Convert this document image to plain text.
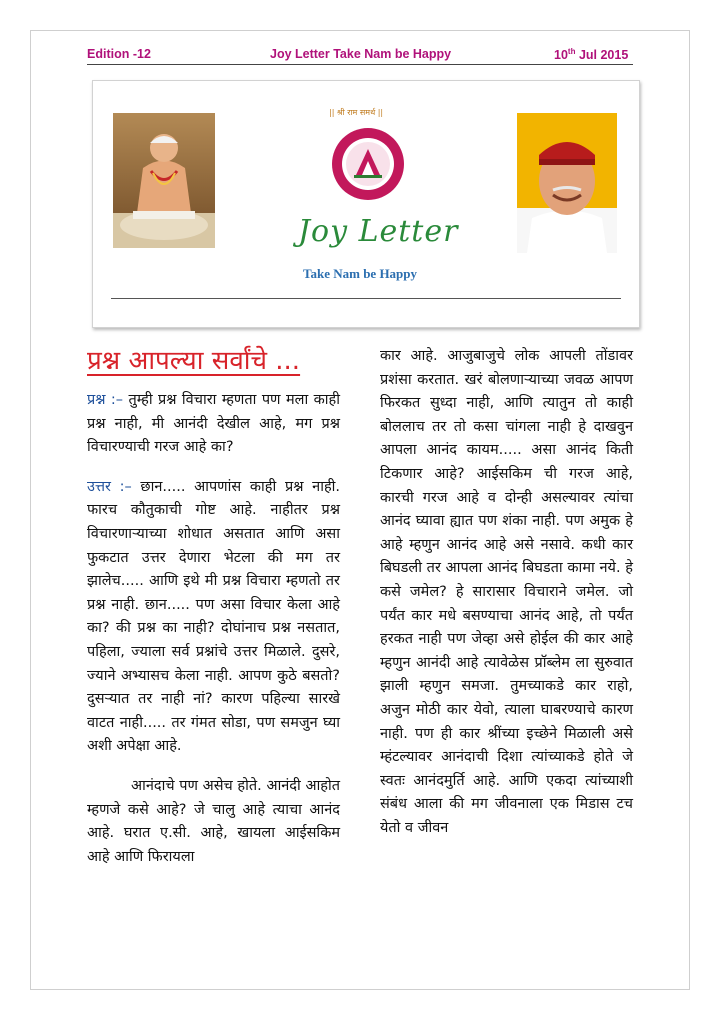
Edition -12	Joy Letter Take Nam be Happy	10th Jul 2015
|| श्री राम समर्थ ||
Joy Letter
Take Nam be Happy
प्रश्न आपल्या सर्वांचे ...

प्रश्न :– तुम्ही प्रश्न विचारा म्हणता पण मला काही प्रश्न नाही, मी आनंदी देखील आहे, मग प्रश्न विचारण्याची गरज आहे का?

उत्तर :– छान..... आपणांस काही प्रश्न नाही. फारच कौतुकाची गोष्ट आहे. नाहीतर प्रश्न विचारणाऱ्याच्या शोधात असतात आणि असा फुकटात उत्तर देणारा भेटला की मग तर झालेच..... आणि इथे मी प्रश्न विचारा म्हणतो तर प्रश्न नाही. छान..... पण असा विचार केला आहे का? की प्रश्न का नाही? दोघांनाच प्रश्न नसतात, पहिला, ज्याला सर्व प्रश्नांचे उत्तर मिळाले. दुसरे, ज्याने अभ्यासच केला नाही. आपण कुठे बसतो? दुसऱ्यात तर नाही नां? कारण पहिल्या सारखे वाटत नाही..... तर गंमत सोडा, पण समजुन घ्या अशी अपेक्षा आहे.

आनंदाचे पण असेच होते. आनंदी आहोत म्हणजे कसे आहे? जे चालु आहे त्याचा आनंद आहे. घरात ए.सी. आहे, खायला आईसकिम आहे आणि फिरायला

कार आहे. आजुबाजुचे लोक आपली तोंडावर प्रशंसा करतात. खरं बोलणाऱ्याच्या जवळ आपण फिरकत सुध्दा नाही, आणि त्यातुन तो काही बोललाच तर तो कसा चांगला नाही हे दाखवुन आपला आनंद कायम..... असा आनंद किती टिकणार आहे? आईसकिम ची गरज आहे, कारची गरज आहे व दोन्ही असल्यावर त्यांचा आनंद घ्यावा ह्यात पण शंका नाही. पण अमुक हे आहे म्हणुन आनंद आहे असे नसावे. कधी कार बिघडली तर आपला आनंद बिघडता कामा नये. हे कसे जमेल? हे सारासार विचाराने जमेल. जो पर्यंत कार मधे बसण्याचा आनंद आहे, तो पर्यंत हरकत नाही पण जेव्हा असे होईल की कार आहे म्हणुन आनंदी आहे त्यावेळेस प्रॉब्लेम ला सुरुवात झाली म्हणुन समजा. तुमच्याकडे कार राहो, अजुन मोठी कार येवो, त्याला घाबरण्याचे कारण नाही. पण ही कार श्रींच्या इच्छेने मिळाली असे म्हंटल्यावर आनंदाची दिशा त्यांच्याकडे होते जे स्वतः आनंदमुर्ति आहे. आणि एकदा त्यांच्याशी संबंध आला की मग जीवनाला एक मिडास टच येतो व जीवन
